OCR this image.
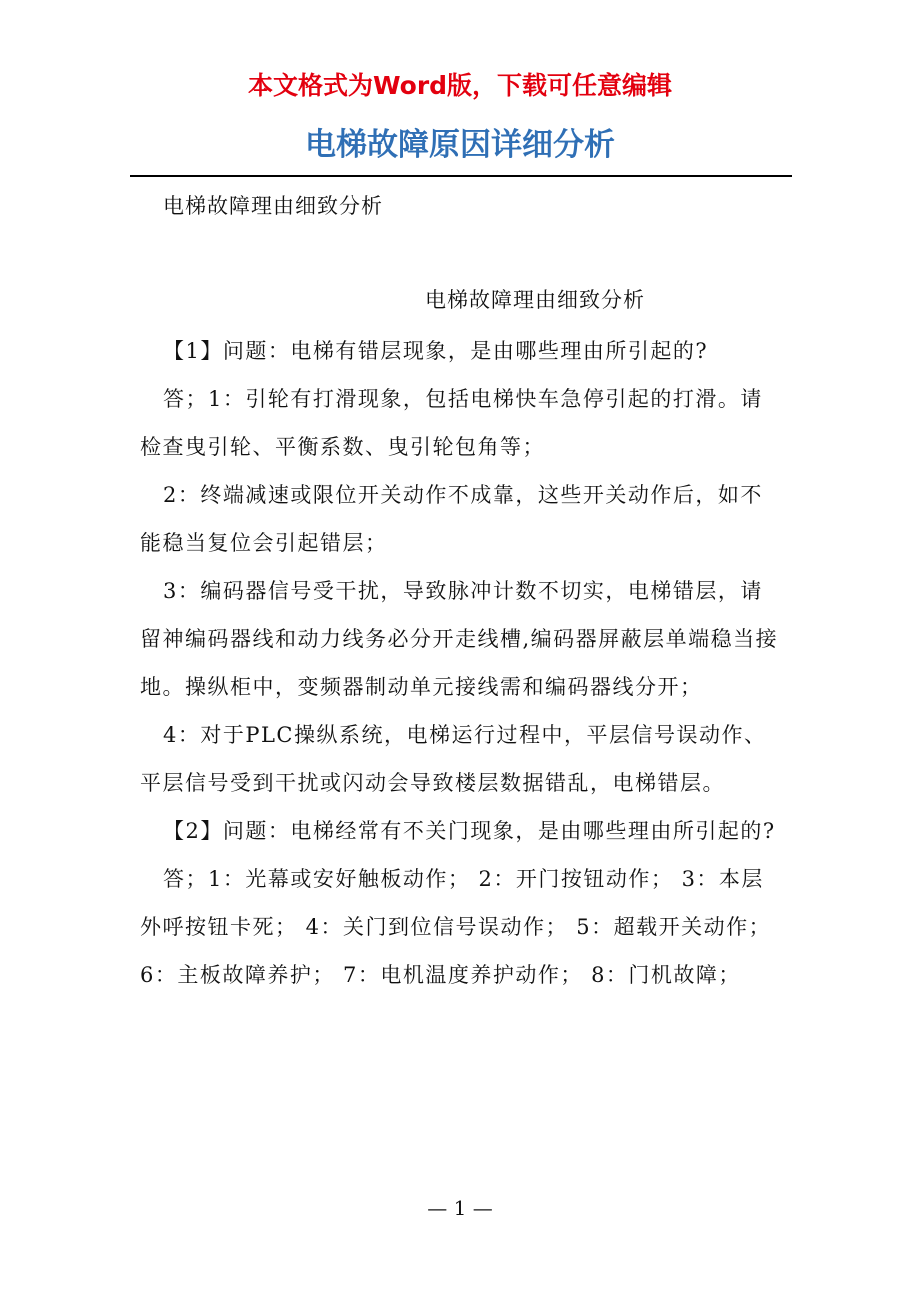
本文格式为Word版，下载可任意编辑
电梯故障原因详细分析
电梯故障理由细致分析
电梯故障理由细致分析

【1】问题：电梯有错层现象，是由哪些理由所引起的?

答；1：引轮有打滑现象，包括电梯快车急停引起的打滑。请检查曳引轮、平衡系数、曳引轮包角等；

2：终端减速或限位开关动作不成靠，这些开关动作后，如不能稳当复位会引起错层；

3：编码器信号受干扰，导致脉冲计数不切实，电梯错层，请留神编码器线和动力线务必分开走线槽,编码器屏蔽层单端稳当接地。操纵柜中，变频器制动单元接线需和编码器线分开；

4：对于PLC操纵系统，电梯运行过程中，平层信号误动作、平层信号受到干扰或闪动会导致楼层数据错乱，电梯错层。

【2】问题：电梯经常有不关门现象，是由哪些理由所引起的?

答；1：光幕或安好触板动作； 2：开门按钮动作； 3：本层外呼按钮卡死； 4：关门到位信号误动作； 5：超载开关动作； 6：主板故障养护； 7：电机温度养护动作； 8：门机故障；

— 1 —
